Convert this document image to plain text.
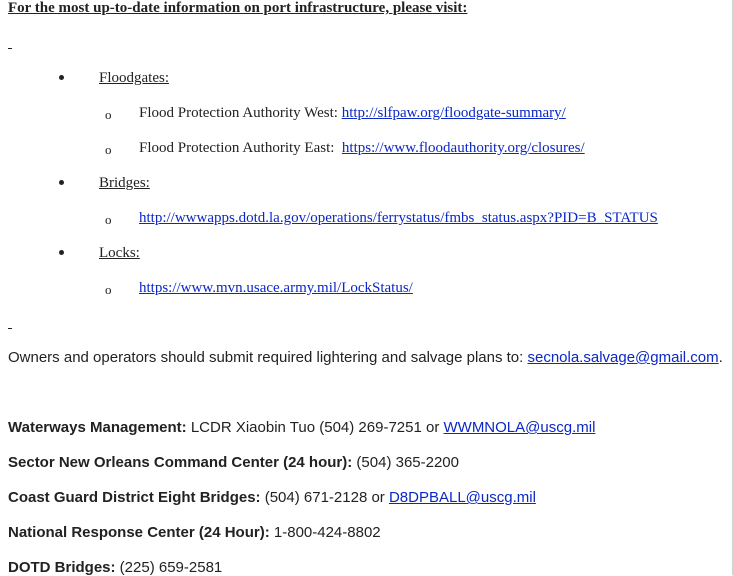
For the most up-to-date information on port infrastructure, please visit:
Floodgates:
o Flood Protection Authority West: http://slfpaw.org/floodgate-summary/
o Flood Protection Authority East:  https://www.floodauthority.org/closures/
Bridges:
o http://wwwapps.dotd.la.gov/operations/ferrystatus/fmbs_status.aspx?PID=B_STATUS
Locks:
o https://www.mvn.usace.army.mil/LockStatus/
Owners and operators should submit required lightering and salvage plans to: secnola.salvage@gmail.com.
Waterways Management: LCDR Xiaobin Tuo (504) 269-7251 or WWMNOLA@uscg.mil
Sector New Orleans Command Center (24 hour): (504) 365-2200
Coast Guard District Eight Bridges: (504) 671-2128 or D8DPBALL@uscg.mil
National Response Center (24 Hour): 1-800-424-8802
DOTD Bridges: (225) 659-2581
